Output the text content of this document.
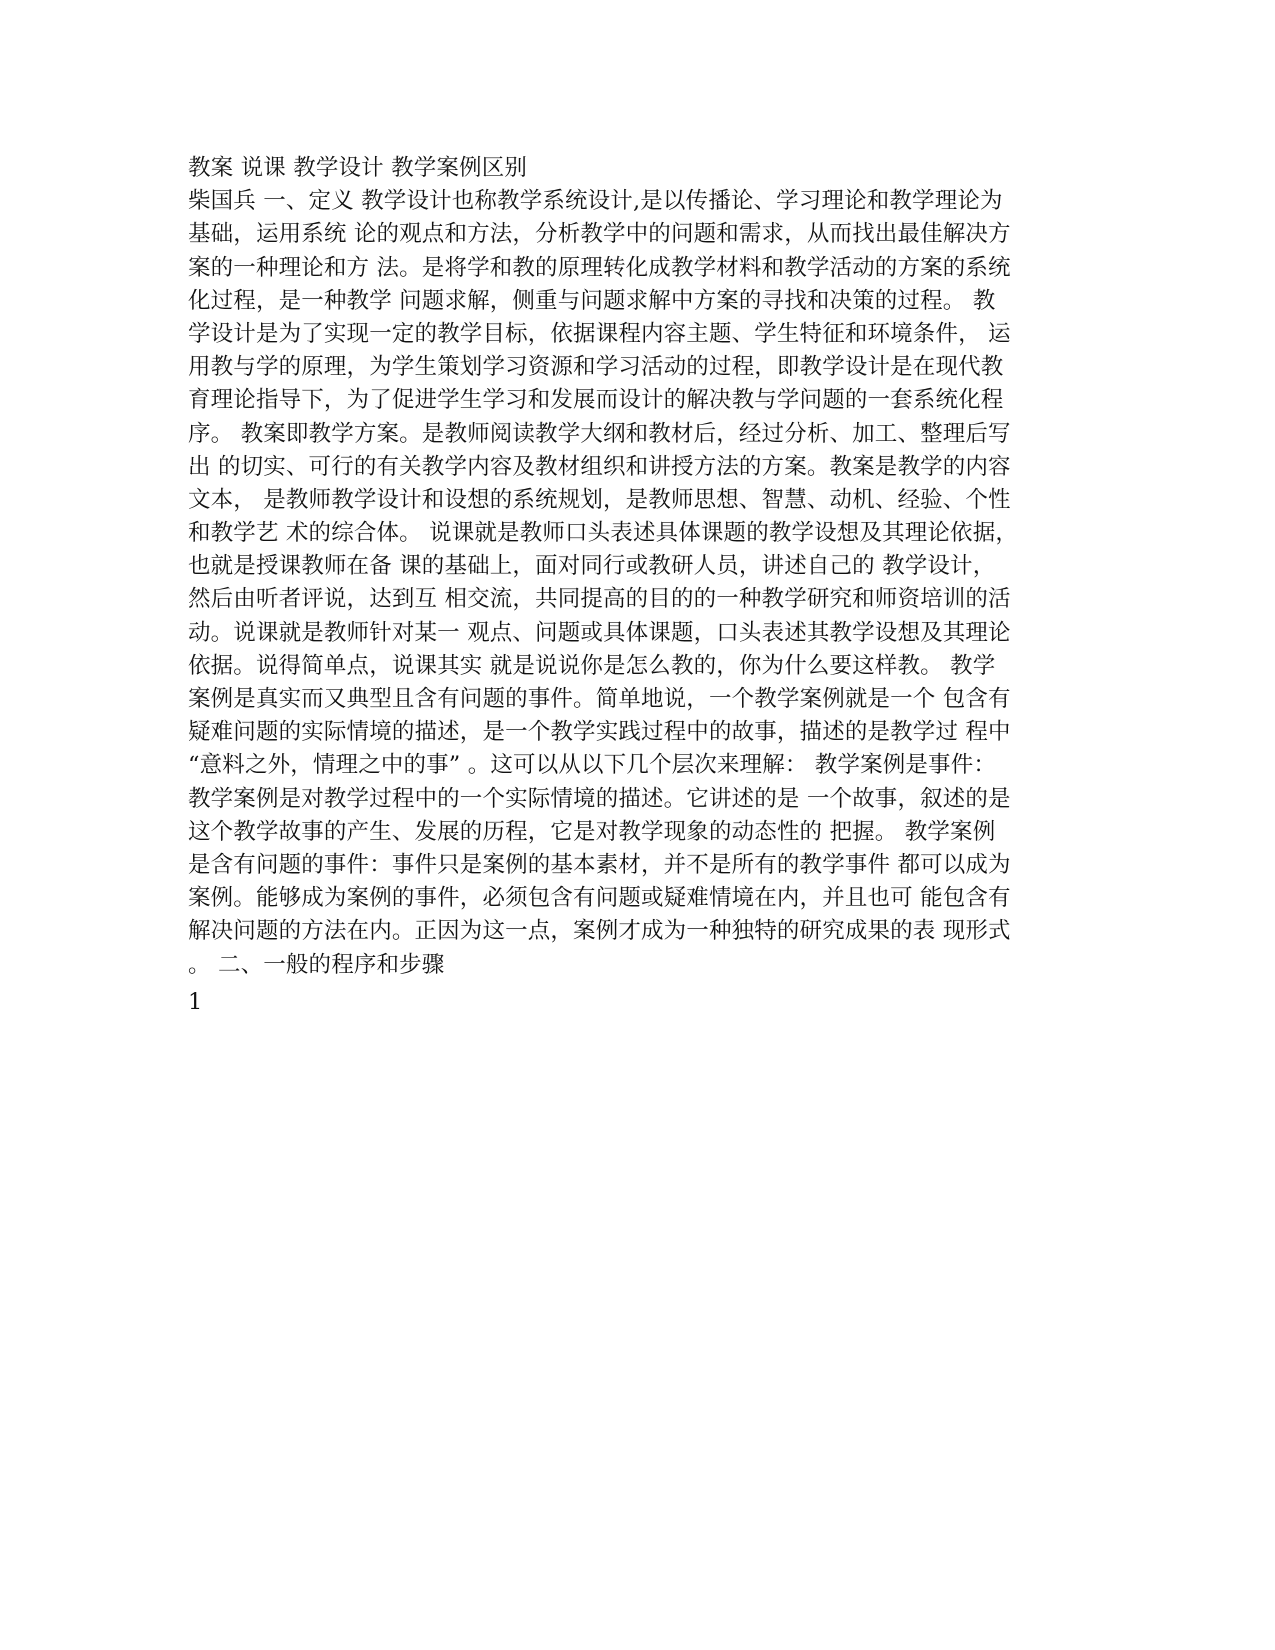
教案 说课 教学设计 教学案例区别
柴国兵 一、定义 教学设计也称教学系统设计,是以传播论、学习理论和教学理论为
基础，运用系统 论的观点和方法，分析教学中的问题和需求，从而找出最佳解决方
案的一种理论和方 法。是将学和教的原理转化成教学材料和教学活动的方案的系统
化过程，是一种教学 问题求解，侧重与问题求解中方案的寻找和决策的过程。 教
学设计是为了实现一定的教学目标，依据课程内容主题、学生特征和环境条件， 运
用教与学的原理，为学生策划学习资源和学习活动的过程，即教学设计是在现代教
育理论指导下，为了促进学生学习和发展而设计的解决教与学问题的一套系统化程
序。 教案即教学方案。是教师阅读教学大纲和教材后，经过分析、加工、整理后写
出 的切实、可行的有关教学内容及教材组织和讲授方法的方案。教案是教学的内容
文本， 是教师教学设计和设想的系统规划，是教师思想、智慧、动机、经验、个性
和教学艺 术的综合体。 说课就是教师口头表述具体课题的教学设想及其理论依据，
也就是授课教师在备 课的基础上，面对同行或教研人员，讲述自己的 教学设计，
然后由听者评说，达到互 相交流，共同提高的目的的一种教学研究和师资培训的活
动。说课就是教师针对某一 观点、问题或具体课题，口头表述其教学设想及其理论
依据。说得简单点，说课其实 就是说说你是怎么教的，你为什么要这样教。 教学
案例是真实而又典型且含有问题的事件。简单地说，一个教学案例就是一个 包含有
疑难问题的实际情境的描述，是一个教学实践过程中的故事，描述的是教学过 程中
“意料之外，情理之中的事” 。这可以从以下几个层次来理解： 教学案例是事件：
教学案例是对教学过程中的一个实际情境的描述。它讲述的是 一个故事，叙述的是
这个教学故事的产生、发展的历程，它是对教学现象的动态性的 把握。 教学案例
是含有问题的事件：事件只是案例的基本素材，并不是所有的教学事件 都可以成为
案例。能够成为案例的事件，必须包含有问题或疑难情境在内，并且也可 能包含有
解决问题的方法在内。正因为这一点，案例才成为一种独特的研究成果的表 现形式
。 二、一般的程序和步骤
1
